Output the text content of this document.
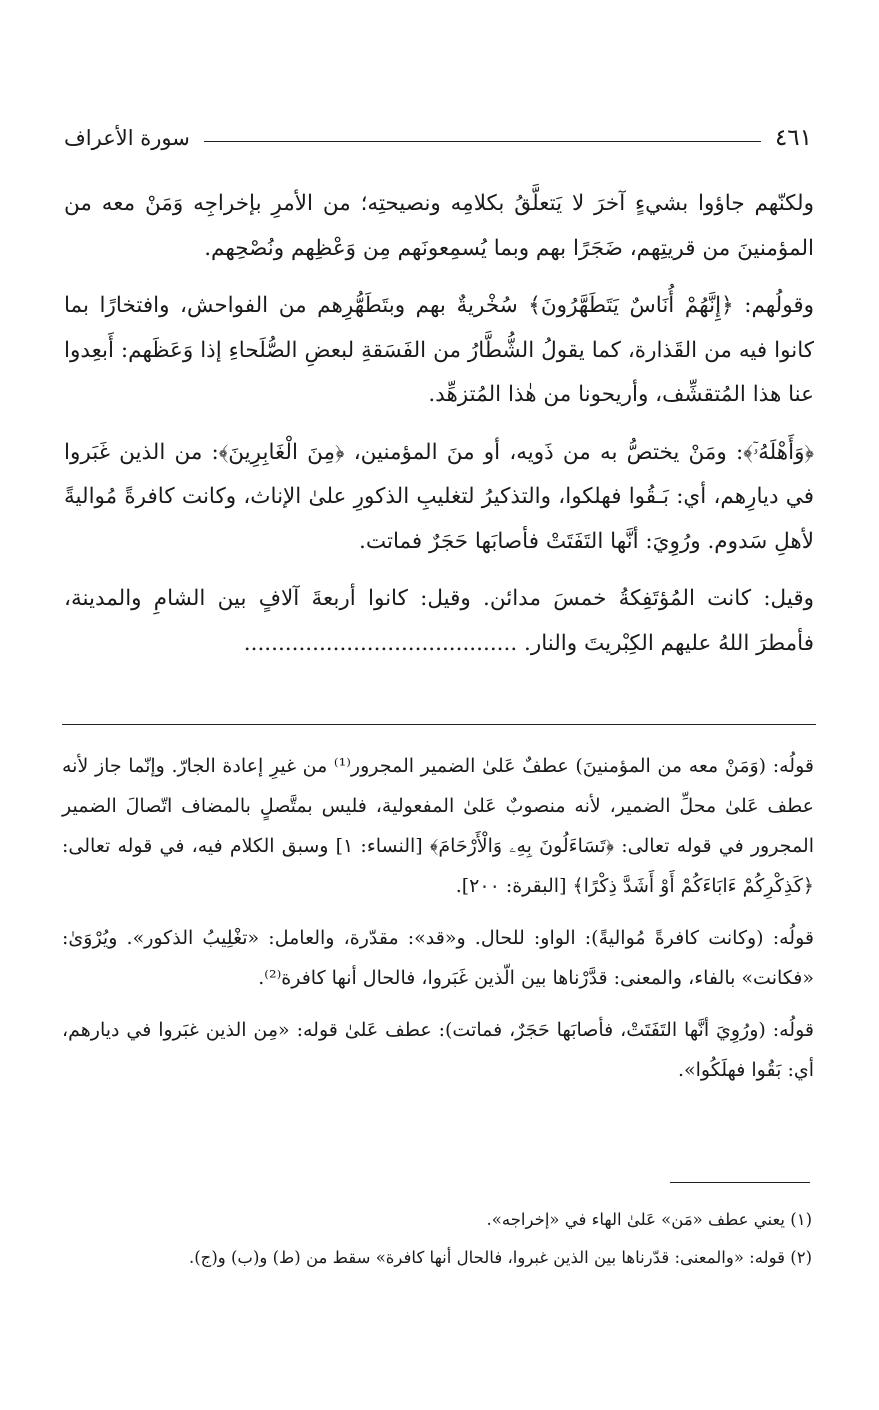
سورة الأعراف	٤٦١

ولكنّهم جاؤوا بشيءٍ آخرَ لا يَتعلَّقُ بكلامِه ونصيحتِه؛ من الأمرِ بإخراجِه وَمَنْ معه من المؤمنينَ من قريتِهم، ضَجَرًا بهم وبما يُسمِعونَهم مِن وَعْظِهم ونُصْحِهم.

وقولُهم: ﴿إِنَّهُمْ أُنَاسٌ يَتَطَهَّرُونَ﴾ سُخْريةٌ بهم وبتَطَهُّرِهم من الفواحش، وافتخارًا بما كانوا فيه من القَذارة، كما يقولُ الشُّطَّارُ من الفَسَقةِ لبعضِ الصُّلَحاءِ إذا وَعَظَهم: أَبعِدوا عنا هذا المُتقشِّف، وأريحونا من هٰذا المُتزهِّد.

﴿وَأَهْلَهُۥٓ﴾: ومَنْ يختصُّ به من ذَويه، أو منَ المؤمنين، ﴿مِنَ الْغَابِرِينَ﴾: من الذين غَبَروا في ديارِهم، أي: بَـقُوا فهلكوا، والتذكيرُ لتغليبِ الذكورِ علىٰ الإناث، وكانت كافرةً مُواليةً لأهلِ سَدوم. ورُوِيَ: أنَّها التَفَتَتْ فأصابَها حَجَرٌ فماتت.

وقيل: كانت المُؤتَفِكةُ خمسَ مدائن. وقيل: كانوا أربعةَ آلافٍ بين الشامِ والمدينة، فأمطرَ اللهُ عليهم الكِبْريتَ والنار. ........................................

قولُه: (وَمَنْ معه من المؤمنينَ) عطفٌ عَلىٰ الضمير المجرور⁽¹⁾ من غيرِ إعادة الجارّ. وإنّما جاز لأنه عطف عَلىٰ محلِّ الضمير، لأنه منصوبٌ عَلىٰ المفعولية، فليس بمتَّصلٍ بالمضاف اتّصالَ الضمير المجرور في قوله تعالى: ﴿تَسَاءَلُونَ بِهِۦ وَالْأَرْحَامَ﴾ [النساء: ١] وسبق الكلام فيه، في قوله تعالى: ﴿كَذِكْرِكُمْ ءَابَاءَكُمْ أَوْ أَشَدَّ ذِكْرًا﴾ [البقرة: ٢٠٠].

قولُه: (وكانت كافرةً مُواليةً): الواو: للحال. و«قد»: مقدّرة، والعامل: «تغْلِيبُ الذكور». ويُرْوَىٰ: «فكانت» بالفاء، والمعنى: قدَّرْناها بين الّذين غَبَروا، فالحال أنها كافرة⁽²⁾.

قولُه: (ورُوِيَ أنَّها التَفَتَتْ، فأصابَها حَجَرٌ، فماتت): عطف عَلىٰ قوله: «مِن الذين غبَروا في ديارهم، أي: بَقُوا فهلَكُوا».

(١) يعني عطف «مَن» عَلىٰ الهاء في «إخراجه».

(٢) قوله: «والمعنى: قدّرناها بين الذين غبروا، فالحال أنها كافرة» سقط من (ط) و(ب) و(ج).
